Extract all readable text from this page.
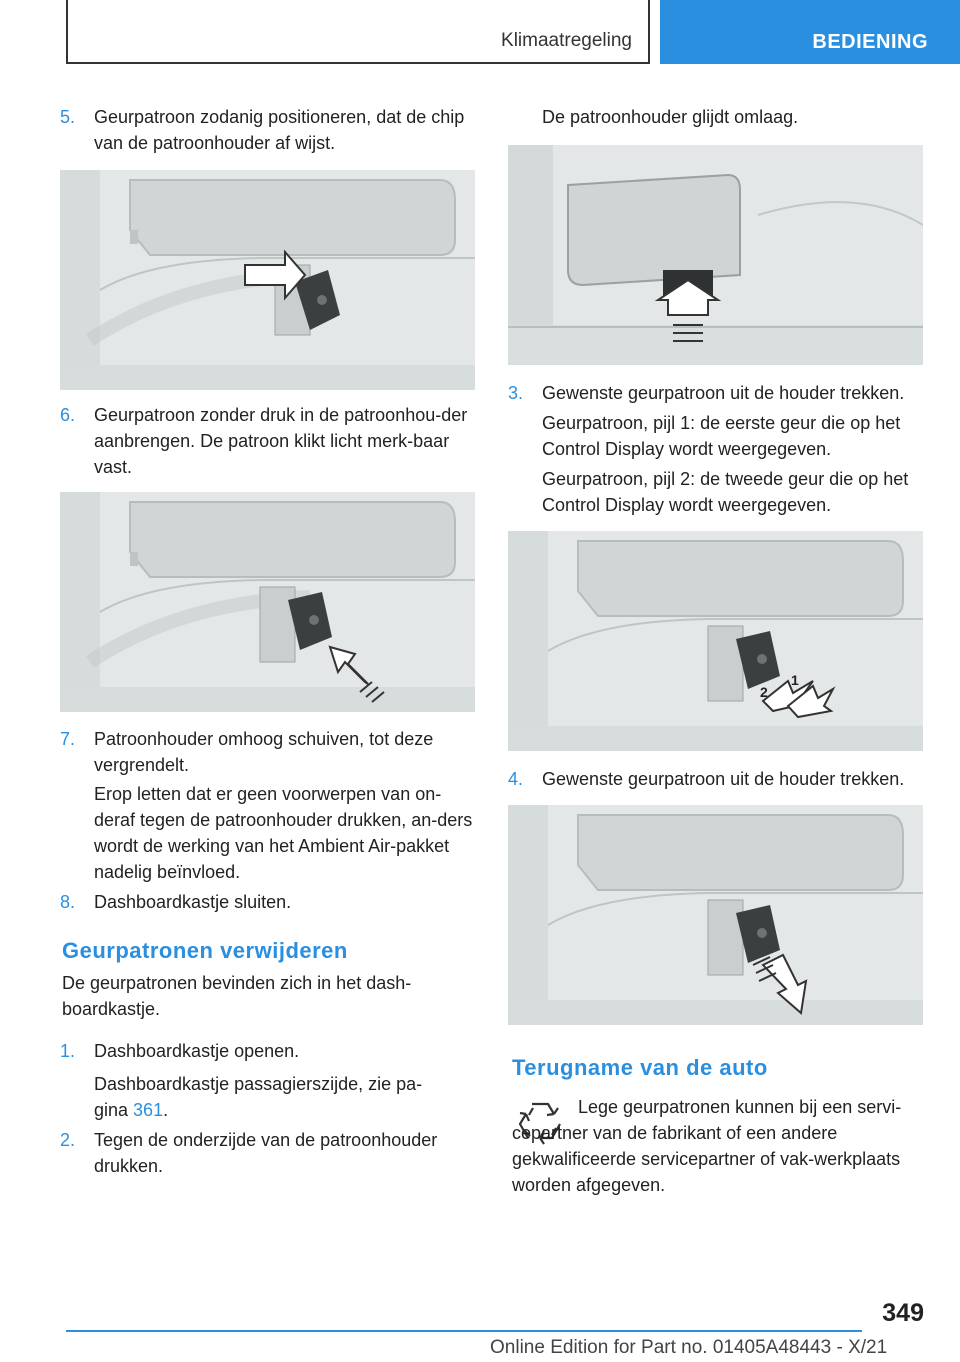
Klimaatregeling	BEDIENING
5. Geurpatroon zodanig positioneren, dat de chip van de patroonhouder af wijst.
6. Geurpatroon zonder druk in de patroonhou‐der aanbrengen. De patroon klikt licht merk‐baar vast.
7. Patroonhouder omhoog schuiven, tot deze vergrendelt.
Erop letten dat er geen voorwerpen van on‐deraf tegen de patroonhouder drukken, an‐ders wordt de werking van het Ambient Air-pakket nadelig beïnvloed.
8. Dashboardkastje sluiten.
Geurpatronen verwijderen
De geurpatronen bevinden zich in het dash‐boardkastje.
1. Dashboardkastje openen.
Dashboardkastje passagierszijde, zie pa‐gina 361.
2. Tegen de onderzijde van de patroonhouder drukken.
De patroonhouder glijdt omlaag.
3. Gewenste geurpatroon uit de houder trekken.
Geurpatroon, pijl 1: de eerste geur die op het Control Display wordt weergegeven.
Geurpatroon, pijl 2: de tweede geur die op het Control Display wordt weergegeven.
2
1
4. Gewenste geurpatroon uit de houder trekken.
Terugname van de auto
Lege geurpatronen kunnen bij een servi‐cepartner van de fabrikant of een andere gekwalificeerde servicepartner of vak‐werkplaats worden afgegeven.
349
Online Edition for Part no. 01405A48443 - X/21
